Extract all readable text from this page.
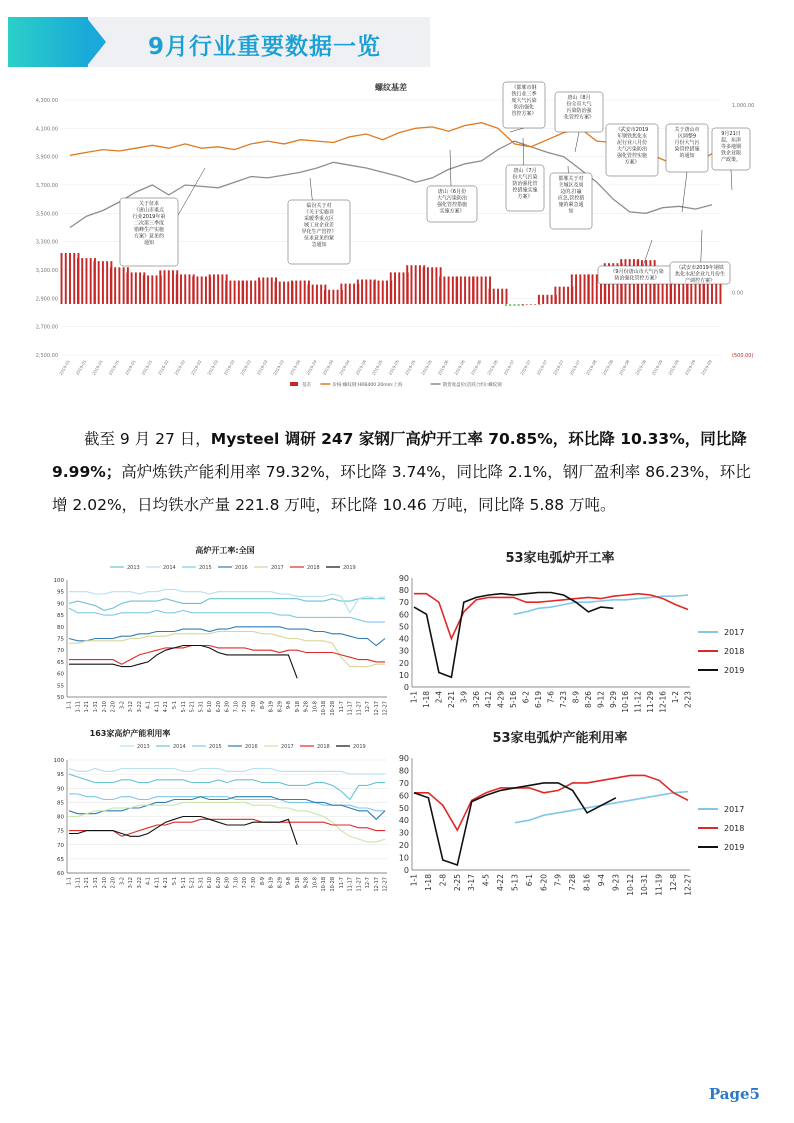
9月行业重要数据一览
螺纹基差
4,300.00
4,100.00
3,900.00
3,700.00
3,500.00
3,300.00
3,100.00
2,900.00
2,700.00
2,500.00
1,000.00
0.00
(500.00)
2019-01 2019-01 2019-01 2019-01 2019-01 2019-01 2019-02 2019-02 2019-02 2019-03 2019-03 2019-03 2019-03 2019-03 2019-04 2019-04 2019-04 2019-04 2019-04 2019-05 2019-05 2019-05 2019-05 2019-06 2019-06 2019-06 2019-06 2019-07 2019-07 2019-07 2019-07 2019-07 2019-08 2019-08 2019-08 2019-08 2019-09 2019-09 2019-09 2019-09
基差	价格:螺纹钢:HRB400 20mm:上海	期货收盘价(活跃合约):螺纹钢
关于征求
《唐山市重点
行业2019年第
二次第三季度
错峰生产实施
方案》意见的
通知
临汾关于对
《关于实施非
采暖季重点区
域工业企业差
异化生产管控》
征求意见的紧
急通知
唐山《6月份
大气污染防治
强化管控措施
实施方案》
《邯郸市钢
铁行业三季
度大气污染
防治强化
管控方案》
唐山《7月
份大气污染
防治强化管
控措施实施
方案》
唐山《8月
份全市大气
污染防治强
化管控方案》
邯郸关于对
主城区及周
边的,打赢
应急,管控措
施的紧急通
知
《武安市2019
年钢铁焦化水
泥行业八月份
大气污染防治
强化管控实施
方案》
关于唐山市
区调整9
月份大气污
染管控措施
的通知
9月21日
起，东津
等多地钢
铁企业限
产政策。
《9月份唐山市大气污染
防治强化管控方案》
《武安市2019年钢铁
焦化水泥企业九月份生
产调控方案》
截至 9 月 27 日，Mysteel 调研 247 家钢厂高炉开工率 70.85%，环比降 10.33%，同比降 9.99%；高炉炼铁产能利用率 79.32%，环比降 3.74%，同比降 2.1%，钢厂盈利率 86.23%，环比增 2.02%，日均铁水产量 221.8 万吨，环比降 10.46 万吨，同比降 5.88 万吨。
高炉开工率:全国
100
95
90
85
80
75
70
65
60
55
50
1-1 1-11 1-21 1-31 2-10 2-20 3-2 3-12 3-22 4-1 4-11 4-21 5-1 5-11 5-21 5-31 6-10 6-20 6-30 7-10 7-20 7-30 8-9 8-19 8-29 9-8 9-18 9-28 10-8 10-18 10-28 11-7 11-17 11-27 12-7 12-17 12-27
2013	2014	2015	2016	2017	2018	2019
53家电弧炉开工率
90
80
70
60
50
40
30
20
10
0
1-1 1-18 2-4 2-21 3-9 3-26 4-12 4-29 5-16 6-2 6-19 7-6 7-23 8-9 8-26 9-12 9-29 10-16 11-12 11-29 12-16 1-2 2-23
2017
2018
2019
163家高炉产能利用率
100
95
90
85
80
75
70
65
60
1-1 1-11 1-21 1-31 2-10 2-20 3-2 3-12 3-22 4-1 4-11 4-21 5-1 5-11 5-21 5-31 6-10 6-20 6-30 7-10 7-20 7-30 8-9 8-19 8-29 9-8 9-18 9-28 10-8 10-18 10-28 11-7 11-17 11-27 12-7 12-17 12-27
2013	2014	2015	2016	2017	2018	2019
53家电弧炉产能利用率
90
80
70
60
50
40
30
20
10
0
1-1 1-18 2-8 2-25 3-17 4-5 4-22 5-13 6-1 6-20 7-9 7-28 8-16 9-4 9-23 10-12 10-31 11-19 12-8 12-27
2017
2018
2019
Page5
